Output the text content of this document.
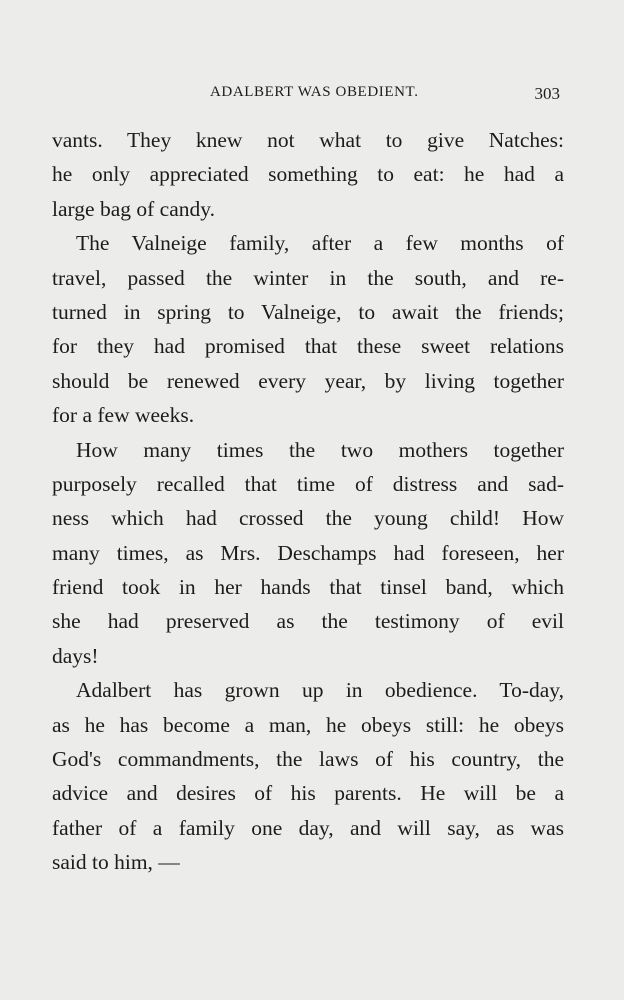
ADALBERT WAS OBEDIENT.	303
vants. They knew not what to give Natches:
he only appreciated something to eat: he had a
large bag of candy.
The Valneige family, after a few months of
travel, passed the winter in the south, and re-
turned in spring to Valneige, to await the friends;
for they had promised that these sweet relations
should be renewed every year, by living together
for a few weeks.
How many times the two mothers together
purposely recalled that time of distress and sad-
ness which had crossed the young child! How
many times, as Mrs. Deschamps had foreseen, her
friend took in her hands that tinsel band, which
she had preserved as the testimony of evil
days!
Adalbert has grown up in obedience. To-day,
as he has become a man, he obeys still: he obeys
God's commandments, the laws of his country, the
advice and desires of his parents. He will be a
father of a family one day, and will say, as was
said to him, —
